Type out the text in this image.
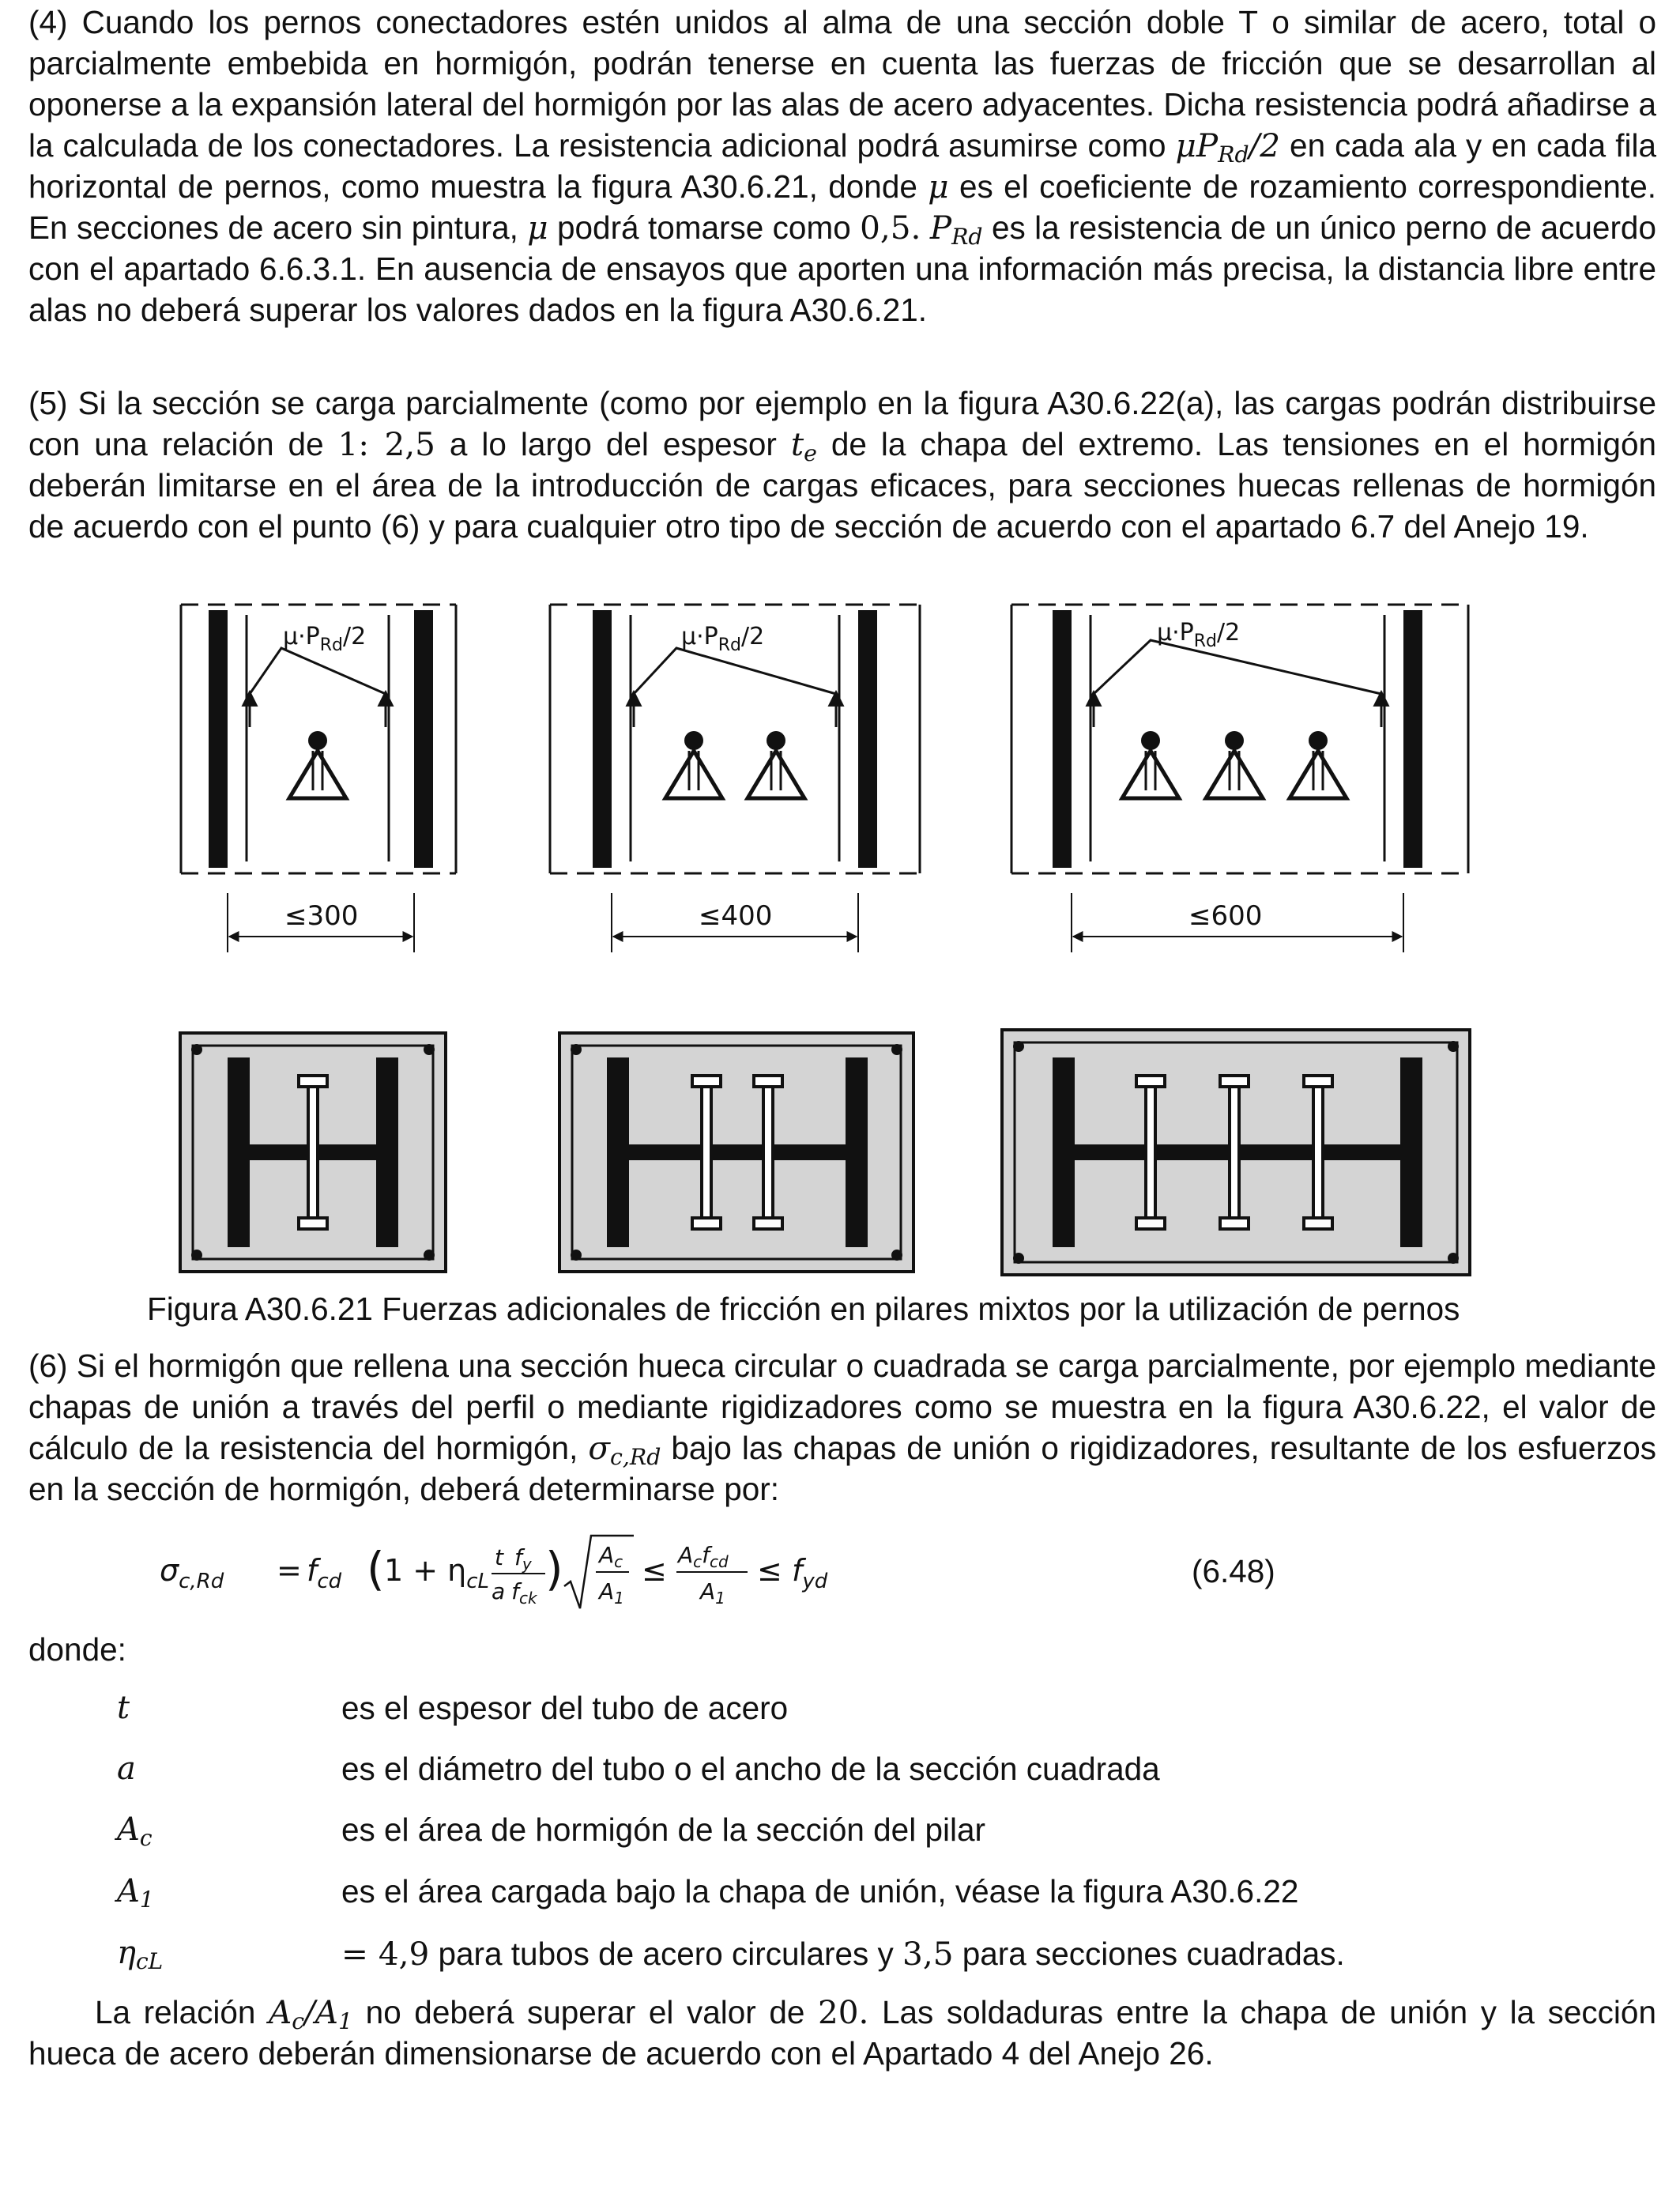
(4) Cuando los pernos conectadores estén unidos al alma de una sección doble T o similar de acero, total o parcialmente embebida en hormigón, podrán tenerse en cuenta las fuerzas de fricción que se desarrollan al oponerse a la expansión lateral del hormigón por las alas de acero adyacentes. Dicha resistencia podrá añadirse a la calculada de los conectadores. La resistencia adicional podrá asumirse como $\mu P_{Rd}/2$ en cada ala y en cada fila horizontal de pernos, como muestra la figura A30.6.21, donde μ es el coeficiente de rozamiento correspondiente. En secciones de acero sin pintura, μ podrá tomarse como 0,5. $P_{Rd}$ es la resistencia de un único perno de acuerdo con el apartado 6.6.3.1. En ausencia de ensayos que aporten una información más precisa, la distancia libre entre alas no deberá superar los valores dados en la figura A30.6.21.

(5) Si la sección se carga parcialmente (como por ejemplo en la figura A30.6.22(a), las cargas podrán distribuirse con una relación de 1: 2,5 a lo largo del espesor $t_e$ de la chapa del extremo. Las tensiones en el hormigón deberán limitarse en el área de la introducción de cargas eficaces, para secciones huecas rellenas de hormigón de acuerdo con el punto (6) y para cualquier otro tipo de sección de acuerdo con el apartado 6.7 del Anejo 19.

$\mu\cdot P_{Rd}/2$
≤300
$\mu\cdot P_{Rd}/2$
≤400
$\mu\cdot P_{Rd}/2$
≤600
Figura A30.6.21 Fuerzas adicionales de fricción en pilares mixtos por la utilización de pernos

(6) Si el hormigón que rellena una sección hueca circular o cuadrada se carga parcialmente, por ejemplo mediante chapas de unión a través del perfil o mediante rigidizadores como se muestra en la figura A30.6.22, el valor de cálculo de la resistencia del hormigón, $\sigma_{c,Rd}$ bajo las chapas de unión o rigidizadores, resultante de los esfuerzos en la sección de hormigón, deberá determinarse por:

$\sigma_{c,Rd} = f_{cd}$ ( $1 + \eta_{cL}$
t $f_y$
a $f_{ck}$
) $A_c$
$A_1$
≤ $A_cf_{cd}$
$A_1$
≤ $f_{yd}$	(6.48)
donde:
t	es el espesor del tubo de acero
a	es el diámetro del tubo o el ancho de la sección cuadrada
$A_c$	es el área de hormigón de la sección del pilar
$A_1$	es el área cargada bajo la chapa de unión, véase la figura A30.6.22
$\eta_{cL}$	= 4,9 para tubos de acero circulares y 3,5 para secciones cuadradas.

La relación $A_c/A_1$ no deberá superar el valor de 20. Las soldaduras entre la chapa de unión y la sección hueca de acero deberán dimensionarse de acuerdo con el Apartado 4 del Anejo 26.
